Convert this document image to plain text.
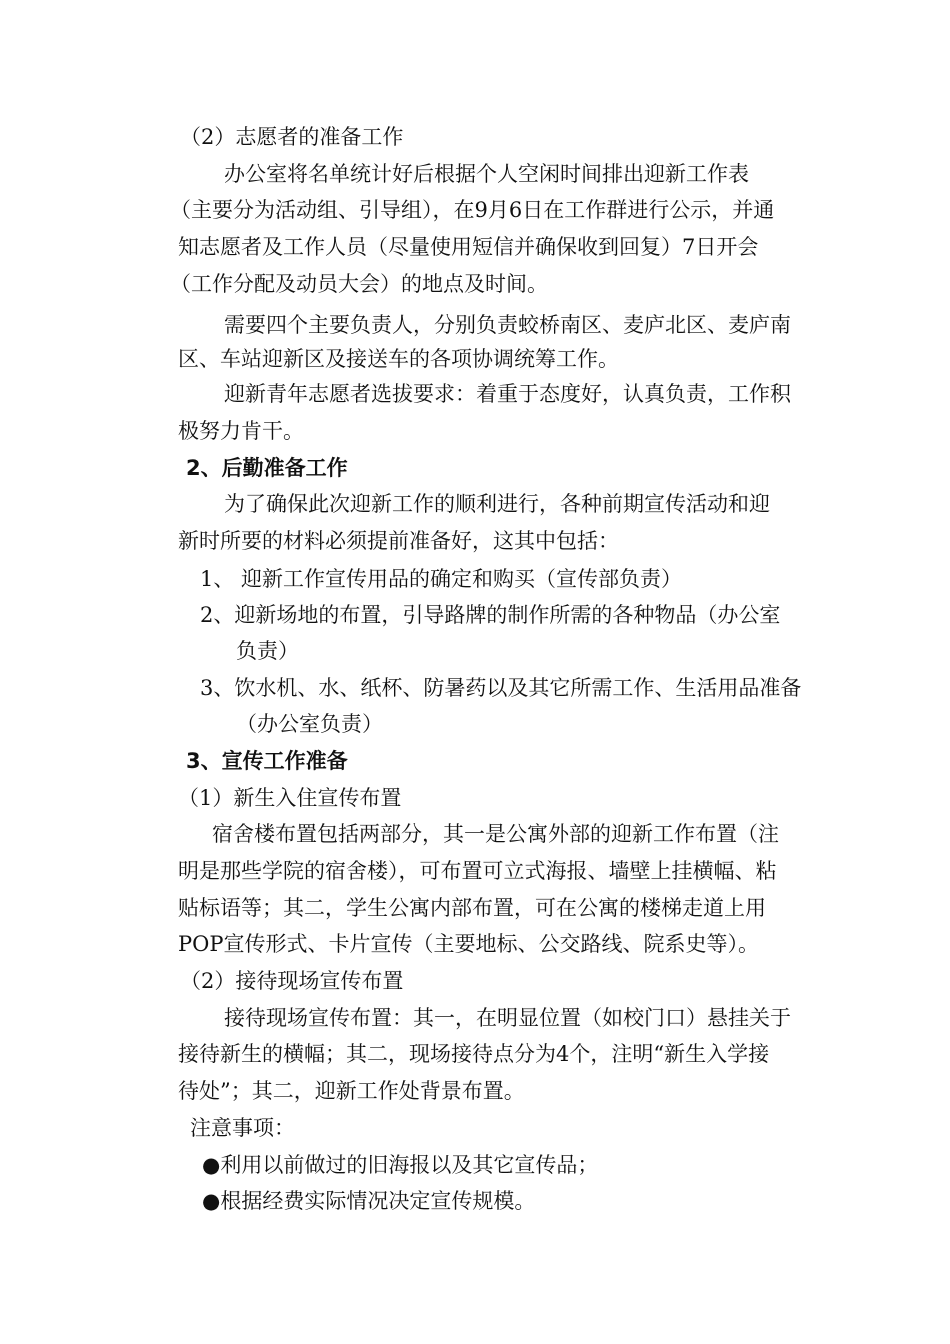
（2）志愿者的准备工作
办公室将名单统计好后根据个人空闲时间排出迎新工作表
（主要分为活动组、引导组），在9月6日在工作群进行公示，并通
知志愿者及工作人员（尽量使用短信并确保收到回复）7日开会
（工作分配及动员大会）的地点及时间。
需要四个主要负责人，分别负责蛟桥南区、麦庐北区、麦庐南
区、车站迎新区及接送车的各项协调统筹工作。
迎新青年志愿者选拔要求：着重于态度好，认真负责，工作积
极努力肯干。
2、后勤准备工作
为了确保此次迎新工作的顺利进行，各种前期宣传活动和迎
新时所要的材料必须提前准备好，这其中包括：
1、 迎新工作宣传用品的确定和购买（宣传部负责）
2、迎新场地的布置，引导路牌的制作所需的各种物品（办公室
负责）
3、饮水机、水、纸杯、防暑药以及其它所需工作、生活用品准备
（办公室负责）
3、宣传工作准备
（1）新生入住宣传布置
宿舍楼布置包括两部分，其一是公寓外部的迎新工作布置（注
明是那些学院的宿舍楼），可布置可立式海报、墙壁上挂横幅、粘
贴标语等；其二，学生公寓内部布置，可在公寓的楼梯走道上用
POP宣传形式、卡片宣传（主要地标、公交路线、院系史等）。
（2）接待现场宣传布置
接待现场宣传布置：其一，在明显位置（如校门口）悬挂关于
接待新生的横幅；其二，现场接待点分为4个，注明“新生入学接
待处”；其二，迎新工作处背景布置。
注意事项：
●利用以前做过的旧海报以及其它宣传品；
●根据经费实际情况决定宣传规模。
